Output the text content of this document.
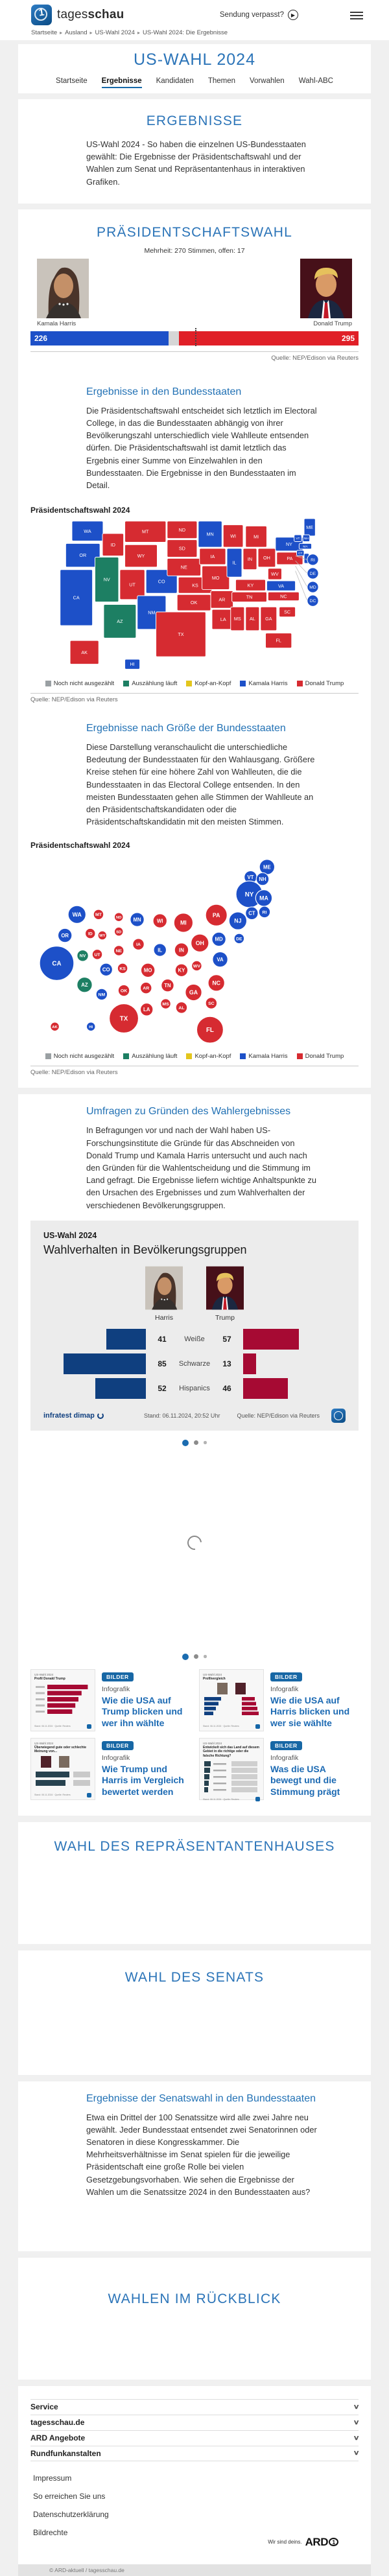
1 tagesschau	Sendung verpasst?	▶
Startseite ▸ Ausland ▸ US-Wahl 2024 ▸ US-Wahl 2024: Die Ergebnisse
US-WAHL 2024
Startseite Ergebnisse Kandidaten Themen Vorwahlen Wahl-ABC
ERGEBNISSE

US-Wahl 2024 - So haben die einzelnen US-Bundesstaaten gewählt: Die Ergebnisse der Präsidentschaftswahl und der Wahlen zum Senat und Repräsentantenhaus in interaktiven Grafiken.

PRÄSIDENTSCHAFTSWAHL
Mehrheit: 270 Stimmen, offen: 17
Kamala Harris	Donald Trump
226	295
Quelle: NEP/Edison via Reuters
Ergebnisse in den Bundesstaaten

Die Präsidentschaftswahl entscheidet sich letztlich im Electoral College, in das die Bundesstaaten abhängig von ihrer Bevölkerungszahl unterschiedlich viele Wahlleute entsenden dürfen. Die Präsidentschaftswahl ist damit letztlich das Ergebnis einer Summe von Einzelwahlen in den Bundesstaaten. Die Ergebnisse in den Bundesstaaten im Detail.

Präsidentschaftswahl 2024
WA
OR
CA
NV
ID
MT
WY
UT
CO
AZ
NM
ND
SD
NE
KS
OK
TX
MN
IA
MO
AR
LA
WI
IL
MI
IN OH
WV
KY
TN
MS AL GA
SC
FL
VA
NC
PA
NY
ME
VT NH
MA
CT
AK
HI
RI
DE
MD
DC
Noch nicht ausgezählt	Auszählung läuft	Kopf-an-Kopf	Kamala Harris	Donald Trump
Quelle: NEP/Edison via Reuters
Ergebnisse nach Größe der Bundesstaaten

Diese Darstellung veranschaulicht die unterschiedliche Bedeutung der Bundesstaaten für den Wahlausgang. Größere Kreise stehen für eine höhere Zahl von Wahlleuten, die die Bundesstaaten in das Electoral College entsenden. In den meisten Bundesstaaten gehen alle Stimmen der Wahlleute an den Präsidentschaftskandidaten oder die Präsidentschaftskandidatin mit den meisten Stimmen.

Präsidentschaftswahl 2024
ME
VT NH
NY MA
CT RI
WA	MT
ND MN	WI	MI
PA
NJ
OR	ID WY
SD
IA
IL	IN
OH
MD	DE
NV UT
NE
CA
CO KS	MO	KY
WV
VA
AZ
NM
OK
AR
TN	NC
GA
SC
MS
AL
LA
TX
AK	HI	FL
Noch nicht ausgezählt	Auszählung läuft	Kopf-an-Kopf	Kamala Harris	Donald Trump
Quelle: NEP/Edison via Reuters
Umfragen zu Gründen des Wahlergebnisses

In Befragungen vor und nach der Wahl haben US-Forschungsinstitute die Gründe für das Abschneiden von Donald Trump und Kamala Harris untersucht und auch nach den Gründen für die Wahlentscheidung und die Stimmung im Land gefragt. Die Ergebnisse liefern wichtige Anhaltspunkte zu den Ursachen des Ergebnisses und zum Wahlverhalten der verschiedenen Bevölkerungsgruppen.

US-Wahl 2024
Wahlverhalten in Bevölkerungsgruppen
Harris	Trump
41	Weiße	57
85	Schwarze	13
52	Hispanics	46
infratest dimap	Stand: 06.11.2024, 20:52 Uhr	Quelle: NEP/Edison via Reuters
US-Wahl 2024
Profil Donald Trump
Stand: 06.11.2024 · Quelle: Reuters
BILDER
Infografik
Wie die USA auf Trump blicken und wer ihn wählte
US-Wahl 2024
Profilvergleich
Stand: 06.11.2024 · Quelle: Reuters
BILDER
Infografik
Wie die USA auf Harris blicken und wer sie wählte
US-Wahl 2024
Überwiegend gute oder schlechte Meinung von...
Stand: 06.11.2024 · Quelle: Reuters
BILDER
Infografik
Wie Trump und Harris im Vergleich bewertet werden
US-Wahl 2024
Entwickelt sich das Land auf diesem Gebiet in die richtige oder die falsche Richtung?
Stand: 06.11.2024 · Quelle: Reuters
BILDER
Infografik
Was die USA bewegt und die Stimmung prägt
WAHL DES REPRÄSENTANTENHAUSES
WAHL DES SENATS
Ergebnisse der Senatswahl in den Bundesstaaten

Etwa ein Drittel der 100 Senatssitze wird alle zwei Jahre neu gewählt. Jeder Bundesstaat entsendet zwei Senatorinnen oder Senatoren in diese Kongresskammer. Die Mehrheitsverhältnisse im Senat spielen für die jeweilige Präsidentschaft eine große Rolle bei vielen Gesetzgebungsvorhaben. Wie sehen die Ergebnisse der Wahlen um die Senatssitze 2024 in den Bundesstaaten aus?

WAHLEN IM RÜCKBLICK
Service	∨
tagesschau.de	∨
ARD Angebote	∨
Rundfunkanstalten	∨
Impressum
So erreichen Sie uns
Datenschutzerklärung
Bildrechte
Wir sind deins. ARD 1
© ARD-aktuell / tagesschau.de
